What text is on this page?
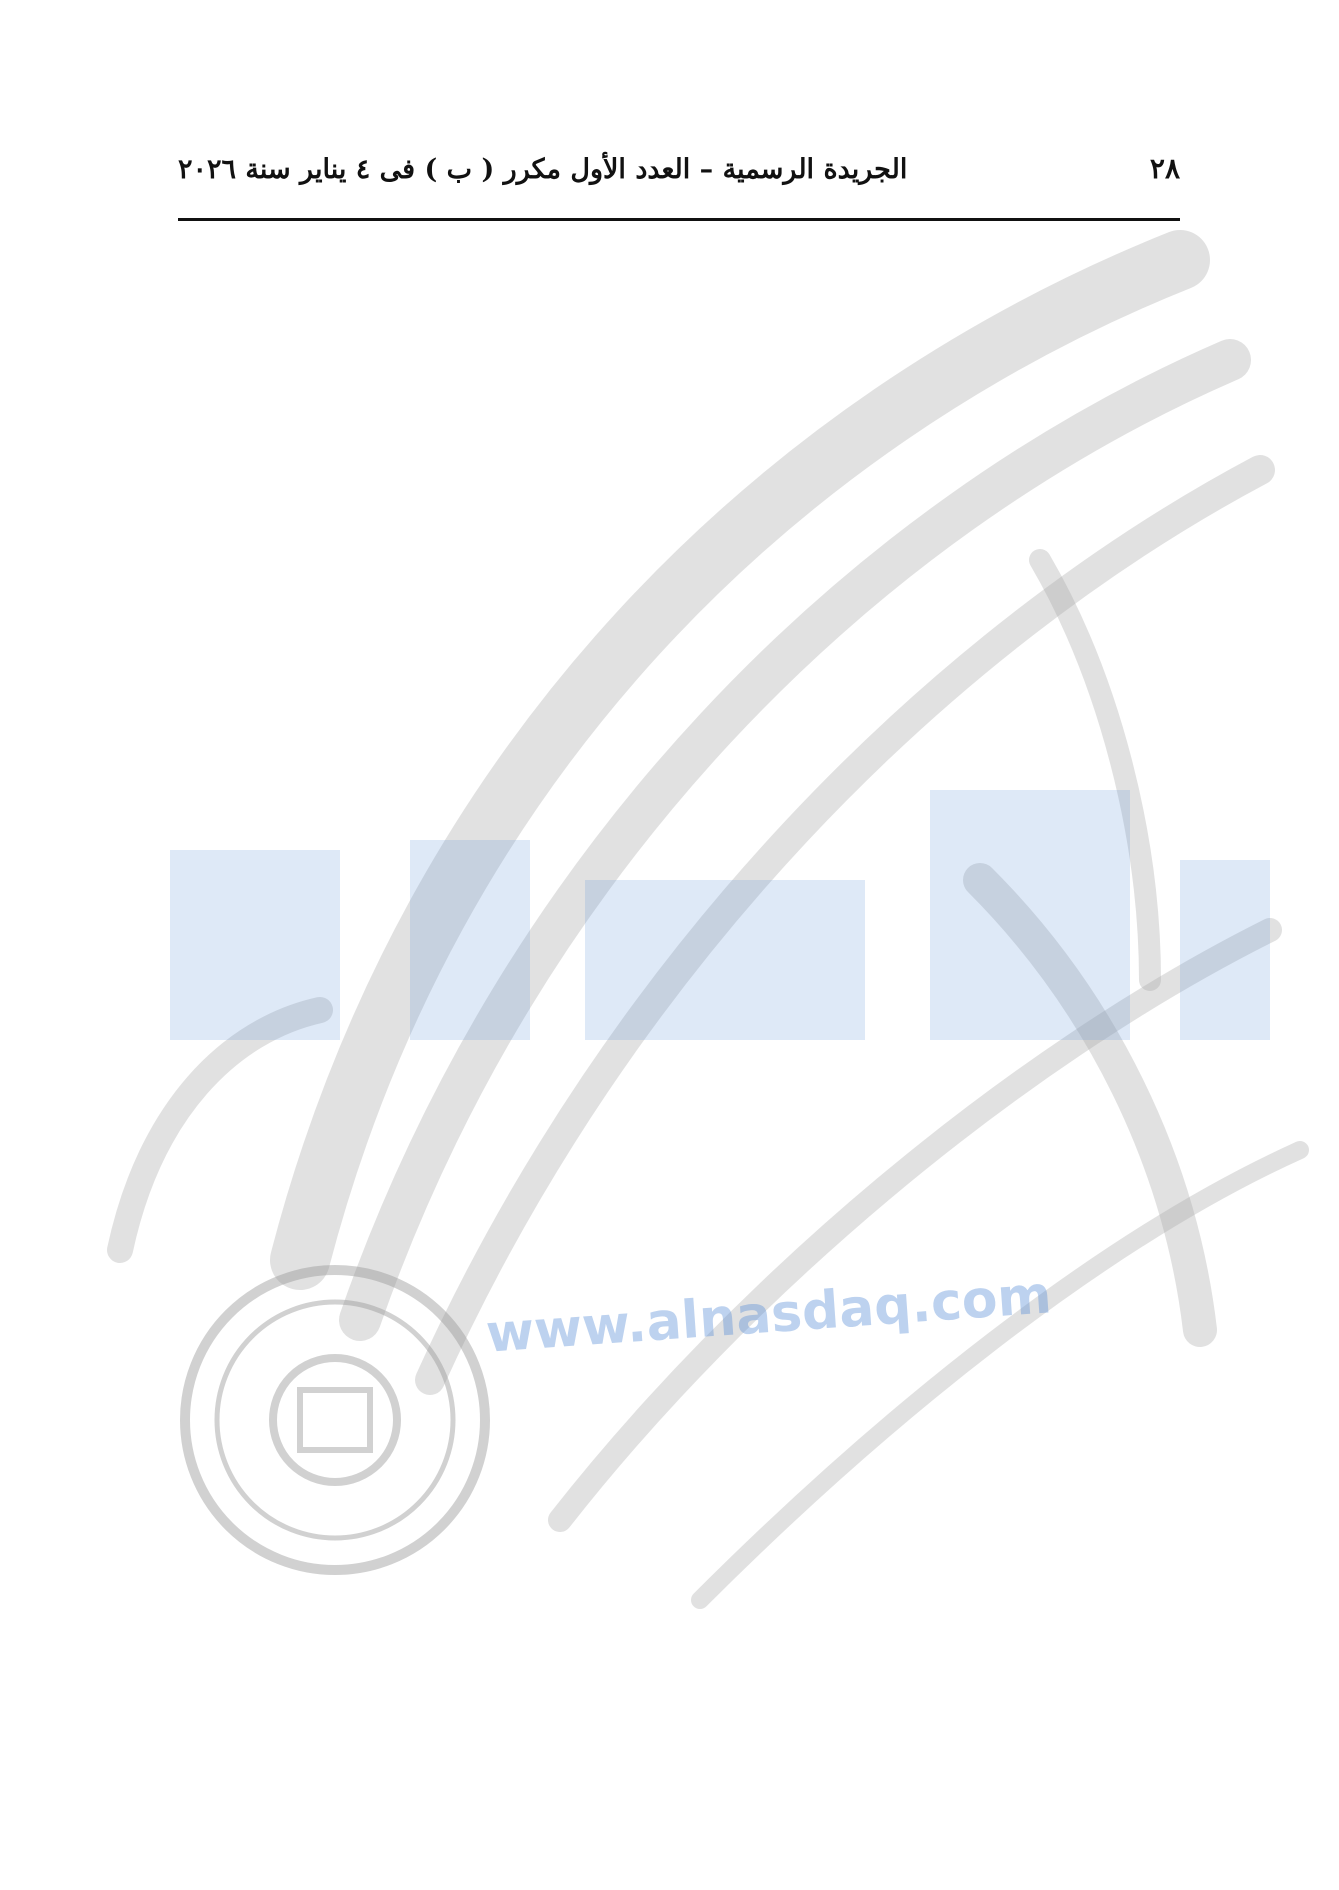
www.alnasdaq.com
٢٨
الجريدة الرسمية – العدد الأول مكرر ( ب ) فى ٤ يناير سنة ٢٠٢٦
